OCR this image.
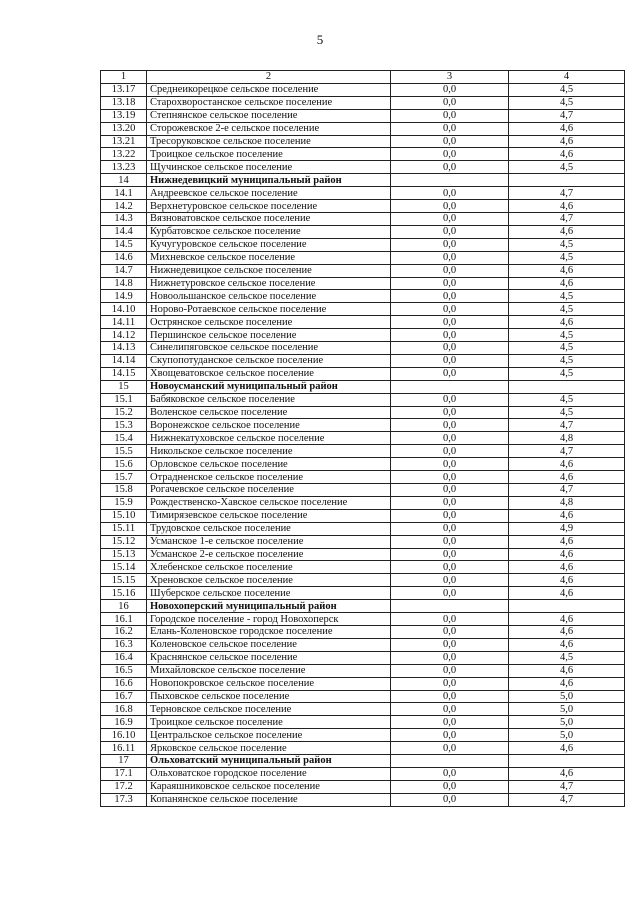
5
1	2	3	4
13.17	Среднеикорецкое сельское поселение	0,0	4,5
13.18	Староxворостанское сельское поселение	0,0	4,5
13.19	Степнянское сельское поселение	0,0	4,7
13.20	Сторожевское 2-е сельское поселение	0,0	4,6
13.21	Тресоруковское сельское поселение	0,0	4,6
13.22	Троицкое сельское поселение	0,0	4,6
13.23	Щучинское сельское поселение	0,0	4,5
14	Нижнедевицкий муниципальный район		
14.1	Андреевское сельское поселение	0,0	4,7
14.2	Верхнетуровское сельское поселение	0,0	4,6
14.3	Вязноватовское сельское поселение	0,0	4,7
14.4	Курбатовское сельское поселение	0,0	4,6
14.5	Кучугуровское сельское поселение	0,0	4,5
14.6	Михневское сельское поселение	0,0	4,5
14.7	Нижнедевицкое сельское поселение	0,0	4,6
14.8	Нижнетуровское сельское поселение	0,0	4,6
14.9	Новоольшанское сельское поселение	0,0	4,5
14.10	Норово-Ротаевское сельское поселение	0,0	4,5
14.11	Острянское сельское поселение	0,0	4,6
14.12	Першинское сельское поселение	0,0	4,5
14.13	Синелипяговское сельское поселение	0,0	4,5
14.14	Скупопотуданское сельское поселение	0,0	4,5
14.15	Хвощеватовское сельское поселение	0,0	4,5
15	Новоусманский муниципальный район		
15.1	Бабяковское сельское поселение	0,0	4,5
15.2	Воленское сельское поселение	0,0	4,5
15.3	Воронежское сельское поселение	0,0	4,7
15.4	Нижнекатуховское сельское поселение	0,0	4,8
15.5	Никольское сельское поселение	0,0	4,7
15.6	Орловское сельское поселение	0,0	4,6
15.7	Отрадненское сельское поселение	0,0	4,6
15.8	Рогачевское сельское поселение	0,0	4,7
15.9	Рождественско-Хавское сельское поселение	0,0	4,8
15.10	Тимирязевское сельское поселение	0,0	4,6
15.11	Трудовское сельское поселение	0,0	4,9
15.12	Усманское 1-е сельское поселение	0,0	4,6
15.13	Усманское 2-е сельское поселение	0,0	4,6
15.14	Хлебенское сельское поселение	0,0	4,6
15.15	Хреновское сельское поселение	0,0	4,6
15.16	Шуберское сельское поселение	0,0	4,6
16	Новохоперский муниципальный район		
16.1	Городское поселение - город Новохоперск	0,0	4,6
16.2	Елань-Коленовское городское поселение	0,0	4,6
16.3	Коленовское сельское поселение	0,0	4,6
16.4	Краснянское сельское поселение	0,0	4,5
16.5	Михайловское сельское поселение	0,0	4,6
16.6	Новопокровское сельское поселение	0,0	4,6
16.7	Пыховское сельское поселение	0,0	5,0
16.8	Терновское сельское поселение	0,0	5,0
16.9	Троицкое сельское поселение	0,0	5,0
16.10	Центральское сельское поселение	0,0	5,0
16.11	Ярковское сельское поселение	0,0	4,6
17	Ольховатский муниципальный район		
17.1	Ольховатское городское поселение	0,0	4,6
17.2	Караяшниковское сельское поселение	0,0	4,7
17.3	Копанянское сельское поселение	0,0	4,7
